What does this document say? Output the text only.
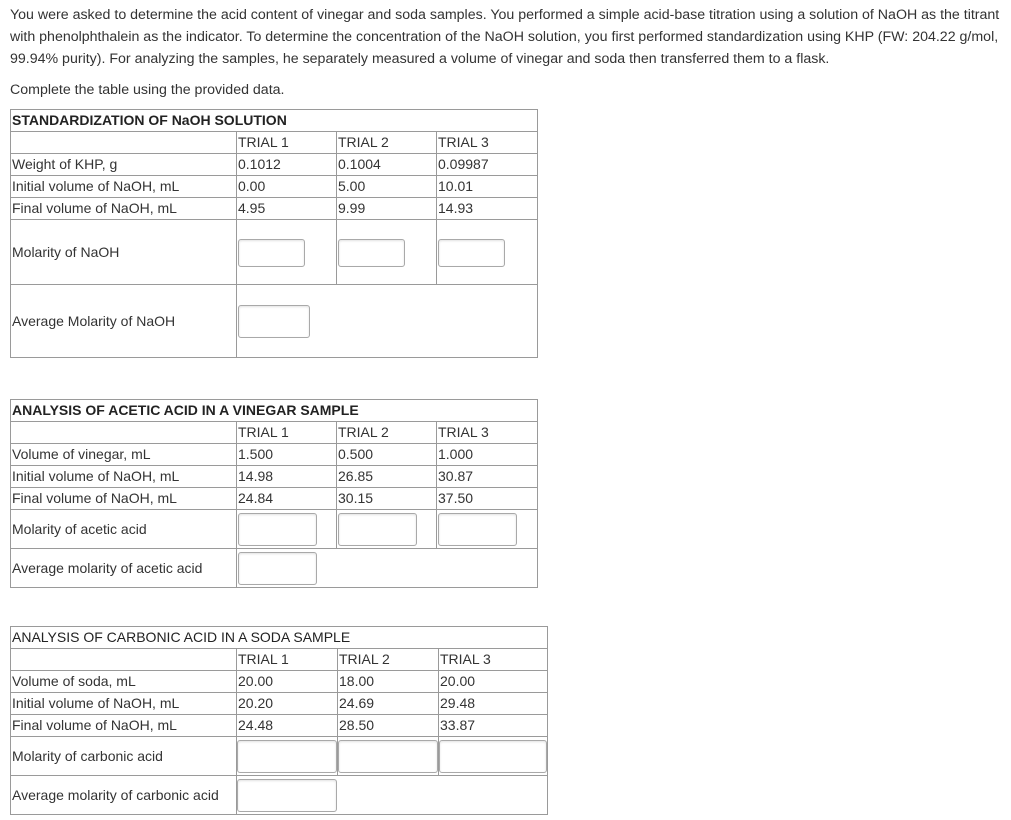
You were asked to determine the acid content of vinegar and soda samples. You performed a simple acid-base titration using a solution of NaOH as the titrant with phenolphthalein as the indicator. To determine the concentration of the NaOH solution, you first performed standardization using KHP (FW: 204.22 g/mol, 99.94% purity). For analyzing the samples, he separately measured a volume of vinegar and soda then transferred them to a flask.

Complete the table using the provided data.

STANDARDIZATION OF NaOH SOLUTION			
	TRIAL 1	TRIAL 2	TRIAL 3
Weight of KHP, g	0.1012	0.1004	0.09987
Initial volume of NaOH, mL	0.00	5.00	10.01
Final volume of NaOH, mL	4.95	9.99	14.93
Molarity of NaOH	

Average Molarity of NaOH	
ANALYSIS OF ACETIC ACID IN A VINEGAR SAMPLE			
	TRIAL 1	TRIAL 2	TRIAL 3
Volume of vinegar, mL	1.500	0.500	1.000
Initial volume of NaOH, mL	14.98	26.85	30.87
Final volume of NaOH, mL	24.84	30.15	37.50
Molarity of acetic acid	

Average molarity of acetic acid	
ANALYSIS OF CARBONIC ACID IN A SODA SAMPLE			
	TRIAL 1	TRIAL 2	TRIAL 3
Volume of soda, mL	20.00	18.00	20.00
Initial volume of NaOH, mL	20.20	24.69	29.48
Final volume of NaOH, mL	24.48	28.50	33.87
Molarity of carbonic acid	

Average molarity of carbonic acid	
